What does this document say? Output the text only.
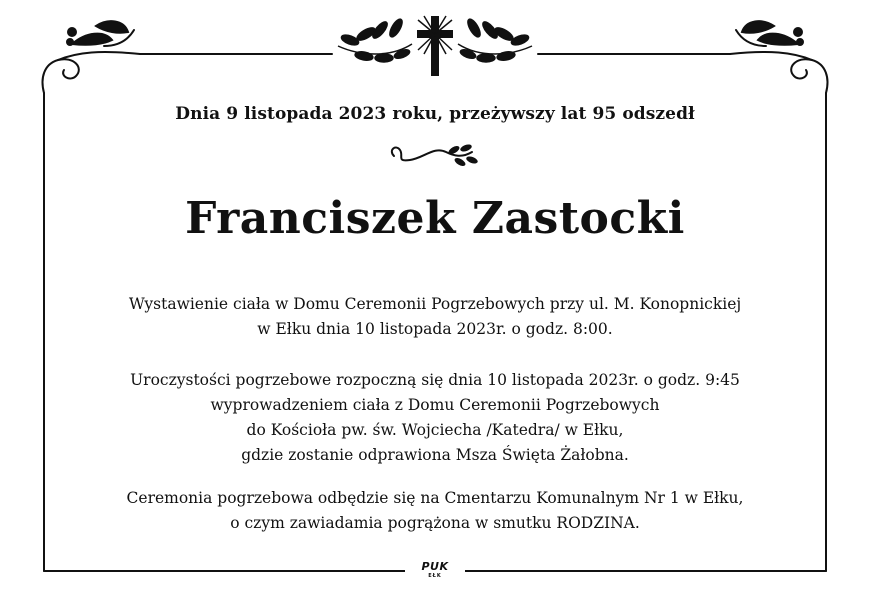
Dnia 9 listopada 2023 roku, przeżywszy lat 95 odszedł
Franciszek Zastocki
Wystawienie ciała w Domu Ceremonii Pogrzebowych przy ul. M. Konopnickiej
w Ełku dnia 10 listopada 2023r. o godz. 8:00.
Uroczystości pogrzebowe rozpoczną się dnia 10 listopada 2023r. o godz. 9:45
wyprowadzeniem ciała z Domu Ceremonii Pogrzebowych
do Kościoła pw. św. Wojciecha /Katedra/ w Ełku,
gdzie zostanie odprawiona Msza Święta Żałobna.
Ceremonia pogrzebowa odbędzie się na Cmentarzu Komunalnym Nr 1 w Ełku,
o czym zawiadamia pogrążona w smutku RODZINA.
PUK
EŁK
